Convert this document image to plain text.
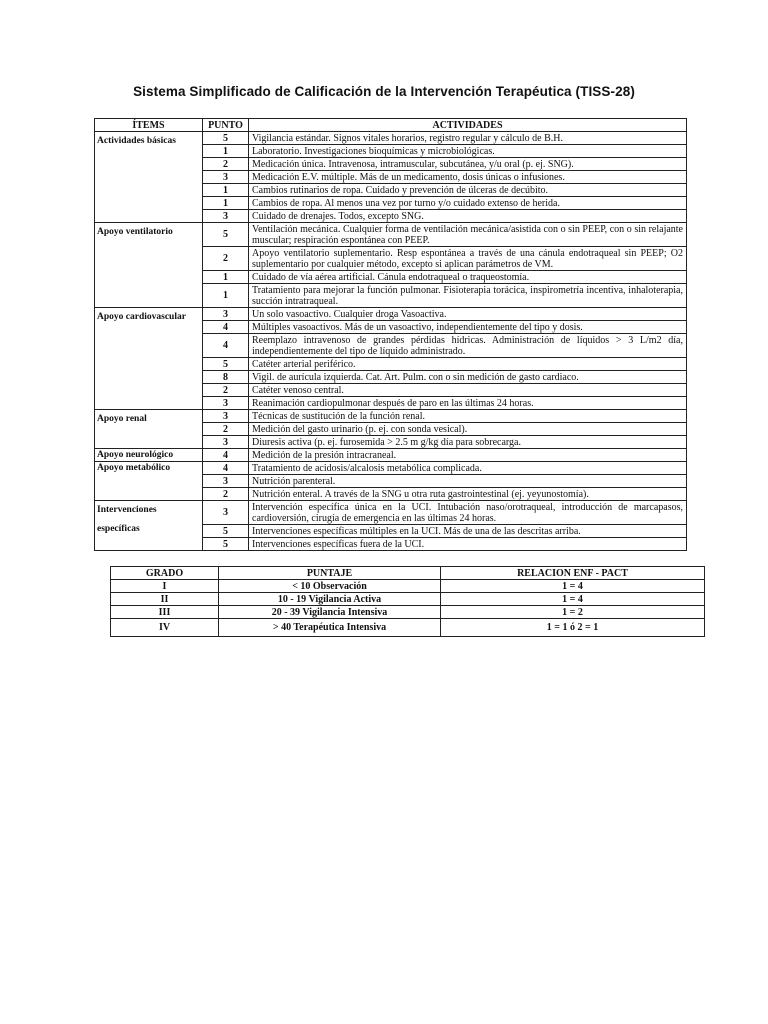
Sistema Simplificado de Calificación de la Intervención Terapéutica (TISS-28)
ÍTEMS	PUNTO	ACTIVIDADES
Actividades básicas	5	Vigilancia estándar. Signos vitales horarios, registro regular y cálculo de B.H.
	1	Laboratorio. Investigaciones bioquímicas y microbiológicas.
	2	Medicación única. Intravenosa, intramuscular, subcutánea, y/u oral (p. ej. SNG).
	3	Medicación E.V. múltiple. Más de un medicamento, dosis únicas o infusiones.
	1	Cambios rutinarios de ropa. Cuidado y prevención de úlceras de decúbito.
	1	Cambios de ropa. Al menos una vez por turno y/o cuidado extenso de herida.
	3	Cuidado de drenajes. Todos, excepto SNG.
Apoyo ventilatorio	5	Ventilación mecánica. Cualquier forma de ventilación mecánica/asistida con o sin PEEP, con o sin relajante muscular; respiración espontánea con PEEP.
	2	Apoyo ventilatorio suplementario. Resp espontánea a través de una cánula endotraqueal sin PEEP; O2 suplementario por cualquier método, excepto si aplican parámetros de VM.
	1	Cuidado de vía aérea artificial. Cánula endotraqueal o traqueostomía.
	1	Tratamiento para mejorar la función pulmonar. Fisioterapia torácica, inspirometría incentiva, inhaloterapia, succión intratraqueal.
Apoyo cardiovascular	3	Un solo vasoactivo. Cualquier droga Vasoactiva.
	4	Múltiples vasoactivos. Más de un vasoactivo, independientemente del tipo y dosis.
	4	Reemplazo intravenoso de grandes pérdidas hídricas. Administración de líquidos > 3 L/m2 día, independientemente del tipo de líquido administrado.
	5	Catéter arterial periférico.
	8	Vigil. de aurícula izquierda. Cat. Art. Pulm. con o sin medición de gasto cardiaco.
	2	Catéter venoso central.
	3	Reanimación cardiopulmonar después de paro en las últimas 24 horas.
Apoyo renal	3	Técnicas de sustitución de la función renal.
	2	Medición del gasto urinario (p. ej. con sonda vesical).
	3	Diuresis activa (p. ej. furosemida > 2.5 m g/kg día para sobrecarga.
Apoyo neurológico	4	Medición de la presión intracraneal.
Apoyo metabólico	4	Tratamiento de acidosis/alcalosis metabólica complicada.
	3	Nutrición parenteral.
	2	Nutrición enteral. A través de la SNG u otra ruta gastrointestinal (ej. yeyunostomía).
Intervenciones específicas	3	Intervención específica única en la UCI. Intubación naso/orotraqueal, introducción de marcapasos, cardioversión, cirugía de emergencia en las últimas 24 horas.
	5	Intervenciones específicas múltiples en la UCI. Más de una de las descritas arriba.
	5	Intervenciones específicas fuera de la UCI.
GRADO	PUNTAJE	RELACION ENF - PACT
I	< 10 Observación	1 = 4
II	10 - 19 Vigilancia Activa	1 = 4
III	20 - 39 Vigilancia Intensiva	1 = 2
IV	> 40 Terapéutica Intensiva	1 = 1 ó 2 = 1
